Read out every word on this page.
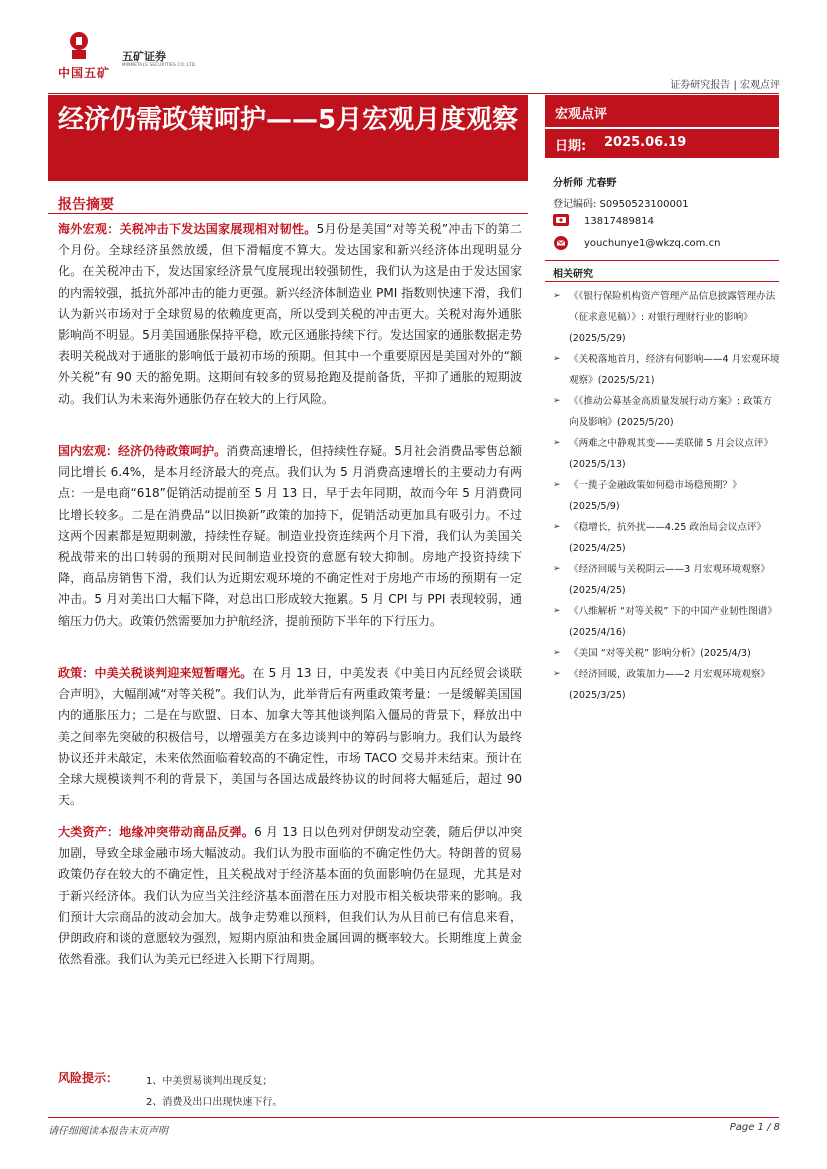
中国五矿
五矿证券
MINMETALS SECURITIES CO.,LTD.
证券研究报告 | 宏观点评
经济仍需政策呵护——5月宏观月度观察	宏观点评
日期: 2025.06.19
分析师 尤春野
登记编码: S0950523100001
13817489814
youchunye1@wkzq.com.cn
相关研究
➢ 《《银行保险机构资产管理产品信息披露管理办法（征求意见稿）》: 对银行理财行业的影响》(2025/5/29)
➢ 《关税落地首月，经济有何影响——4 月宏观环境观察》(2025/5/21)
➢ 《《推动公募基金高质量发展行动方案》: 政策方向及影响》(2025/5/20)
➢ 《两难之中静观其变——美联储 5 月会议点评》(2025/5/13)
➢ 《一揽子金融政策如何稳市场稳预期？》(2025/5/9)
➢ 《稳增长，抗外扰——4.25 政治局会议点评》(2025/4/25)
➢ 《经济回暖与关税阴云——3 月宏观环境观察》(2025/4/25)
➢ 《八维解析 “对等关税” 下的中国产业韧性图谱》(2025/4/16)
➢ 《美国 “对等关税” 影响分析》(2025/4/3)
➢ 《经济回暖，政策加力——2 月宏观环境观察》(2025/3/25)
报告摘要
海外宏观：关税冲击下发达国家展现相对韧性。5月份是美国“对等关税”冲击下的第二个月份。全球经济虽然放缓，但下滑幅度不算大。发达国家和新兴经济体出现明显分化。在关税冲击下，发达国家经济景气度展现出较强韧性，我们认为这是由于发达国家的内需较强，抵抗外部冲击的能力更强。新兴经济体制造业 PMI 指数则快速下滑，我们认为新兴市场对于全球贸易的依赖度更高，所以受到关税的冲击更大。关税对海外通胀影响尚不明显。5月美国通胀保持平稳，欧元区通胀持续下行。发达国家的通胀数据走势表明关税战对于通胀的影响低于最初市场的预期。但其中一个重要原因是美国对外的“额外关税”有 90 天的豁免期。这期间有较多的贸易抢跑及提前备货，平抑了通胀的短期波动。我们认为未来海外通胀仍存在较大的上行风险。
国内宏观：经济仍待政策呵护。消费高速增长，但持续性存疑。5月社会消费品零售总额同比增长 6.4%，是本月经济最大的亮点。我们认为 5 月消费高速增长的主要动力有两点：一是电商“618”促销活动提前至 5 月 13 日，早于去年同期，故而今年 5 月消费同比增长较多。二是在消费品“以旧换新”政策的加持下，促销活动更加具有吸引力。不过这两个因素都是短期刺激，持续性存疑。制造业投资连续两个月下滑，我们认为美国关税战带来的出口转弱的预期对民间制造业投资的意愿有较大抑制。房地产投资持续下降，商品房销售下滑，我们认为近期宏观环境的不确定性对于房地产市场的预期有一定冲击。5 月对美出口大幅下降，对总出口形成较大拖累。5 月 CPI 与 PPI 表现较弱，通缩压力仍大。政策仍然需要加力护航经济，提前预防下半年的下行压力。
政策：中美关税谈判迎来短暂曙光。在 5 月 13 日，中美发表《中美日内瓦经贸会谈联合声明》，大幅削减“对等关税”。我们认为，此举背后有两重政策考量：一是缓解美国国内的通胀压力；二是在与欧盟、日本、加拿大等其他谈判陷入僵局的背景下，释放出中美之间率先突破的积极信号，以增强美方在多边谈判中的筹码与影响力。我们认为最终协议还并未敲定，未来依然面临着较高的不确定性，市场 TACO 交易并未结束。预计在全球大规模谈判不利的背景下，美国与各国达成最终协议的时间将大幅延后，超过 90 天。
大类资产：地缘冲突带动商品反弹。6 月 13 日以色列对伊朗发动空袭，随后伊以冲突加剧，导致全球金融市场大幅波动。我们认为股市面临的不确定性仍大。特朗普的贸易政策仍存在较大的不确定性，且关税战对于经济基本面的负面影响仍在显现，尤其是对于新兴经济体。我们认为应当关注经济基本面潜在压力对股市相关板块带来的影响。我们预计大宗商品的波动会加大。战争走势难以预料，但我们认为从目前已有信息来看，伊朗政府和谈的意愿较为强烈，短期内原油和贵金属回调的概率较大。长期维度上黄金依然看涨。我们认为美元已经进入长期下行周期。
风险提示：	1、中美贸易谈判出现反复；
2、消费及出口出现快速下行。
请仔细阅读本报告末页声明	Page 1 / 8
